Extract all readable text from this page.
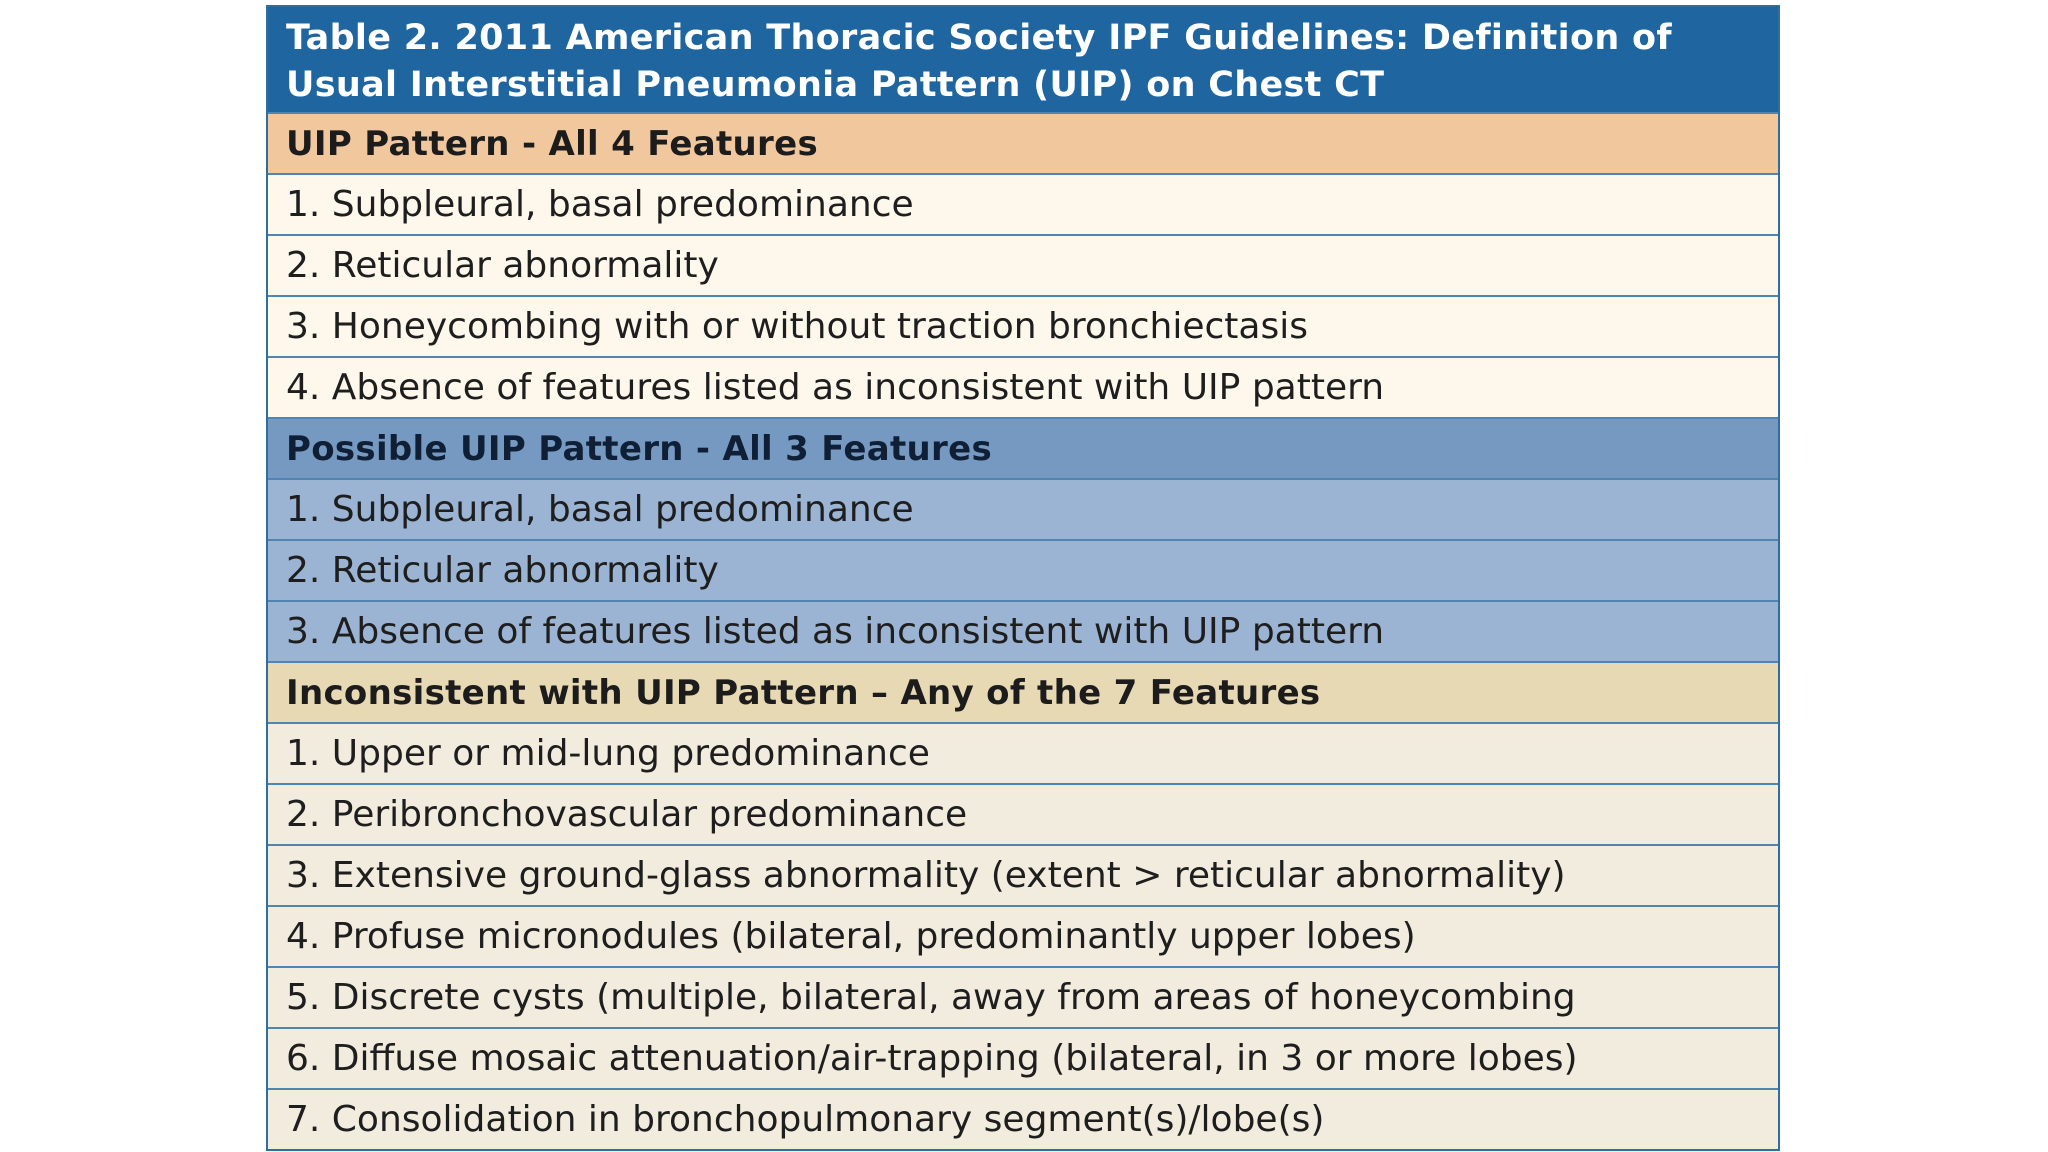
Table 2. 2011 American Thoracic Society IPF Guidelines: Definition of Usual Interstitial Pneumonia Pattern (UIP) on Chest CT
UIP Pattern - All 4 Features
1. Subpleural, basal predominance
2. Reticular abnormality
3. Honeycombing with or without traction bronchiectasis
4. Absence of features listed as inconsistent with UIP pattern
Possible UIP Pattern - All 3 Features
1. Subpleural, basal predominance
2. Reticular abnormality
3. Absence of features listed as inconsistent with UIP pattern
Inconsistent with UIP Pattern – Any of the 7 Features
1. Upper or mid-lung predominance
2. Peribronchovascular predominance
3. Extensive ground-glass abnormality (extent > reticular abnormality)
4. Profuse micronodules (bilateral, predominantly upper lobes)
5. Discrete cysts (multiple, bilateral, away from areas of honeycombing
6. Diffuse mosaic attenuation/air-trapping (bilateral, in 3 or more lobes)
7. Consolidation in bronchopulmonary segment(s)/lobe(s)
